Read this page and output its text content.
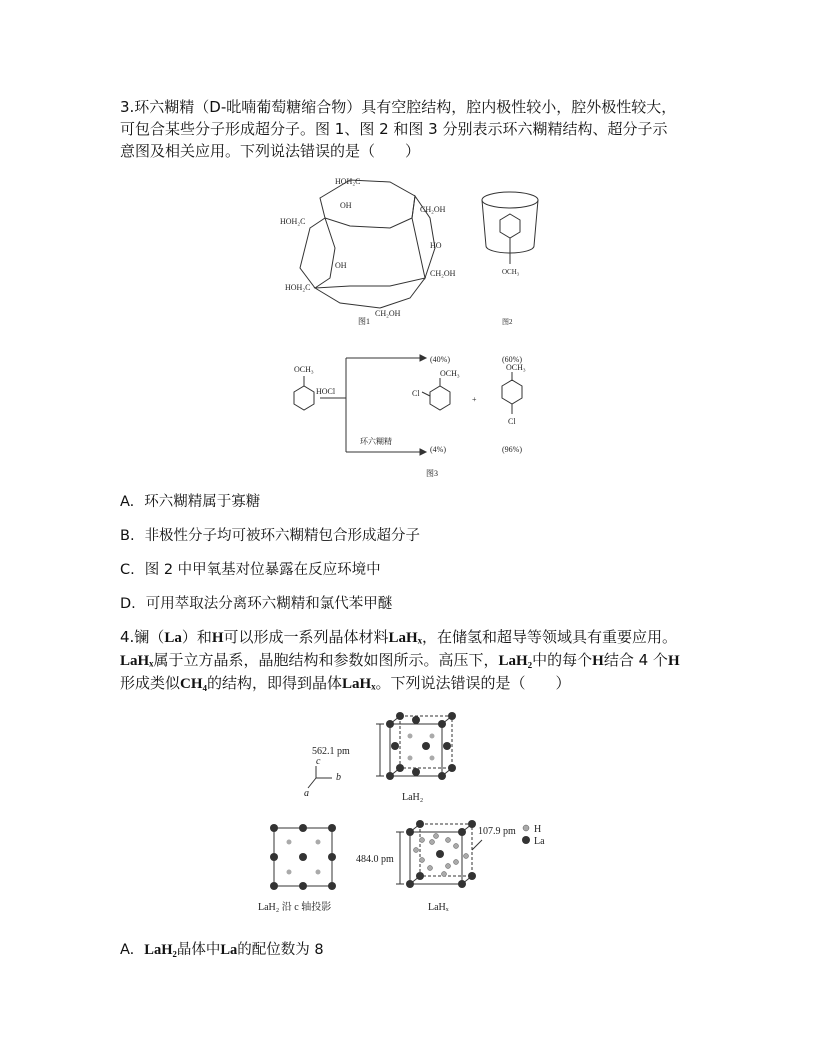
3.环六糊精（D-吡喃葡萄糖缩合物）具有空腔结构，腔内极性较小，腔外极性较大，
可包合某些分子形成超分子。图 1、图 2 和图 3 分别表示环六糊精结构、超分子示
意图及相关应用。下列说法错误的是（　　）
HOH₂C
OH
HOH₂C
HOH₂C
CH₂OH
CH₂OH
CH₂OH
HO
OH
图1
OCH₃
图2
OCH₃
HOCl
环六糊精
(40%)	(60%)
(4%)	(96%)
OCH₃
Cl
+
OCH₃
Cl
图3
A. 环六糊精属于寡糖
B. 非极性分子均可被环六糊精包合形成超分子
C. 图 2 中甲氧基对位暴露在反应环境中
D. 可用萃取法分离环六糊精和氯代苯甲醚
4.镧（La）和H可以形成一系列晶体材料LaHₓ，在储氢和超导等领域具有重要应用。
LaHₓ属于立方晶系，晶胞结构和参数如图所示。高压下，LaH₂中的每个H结合 4 个H
形成类似CH₄的结构，即得到晶体LaHₓ。下列说法错误的是（　　）
562.1 pm
LaH₂
c
b
a
LaH₂ 沿 c 轴投影
484.0 pm
107.9 pm
LaHₓ
H
La
A. LaH₂晶体中La的配位数为 8
